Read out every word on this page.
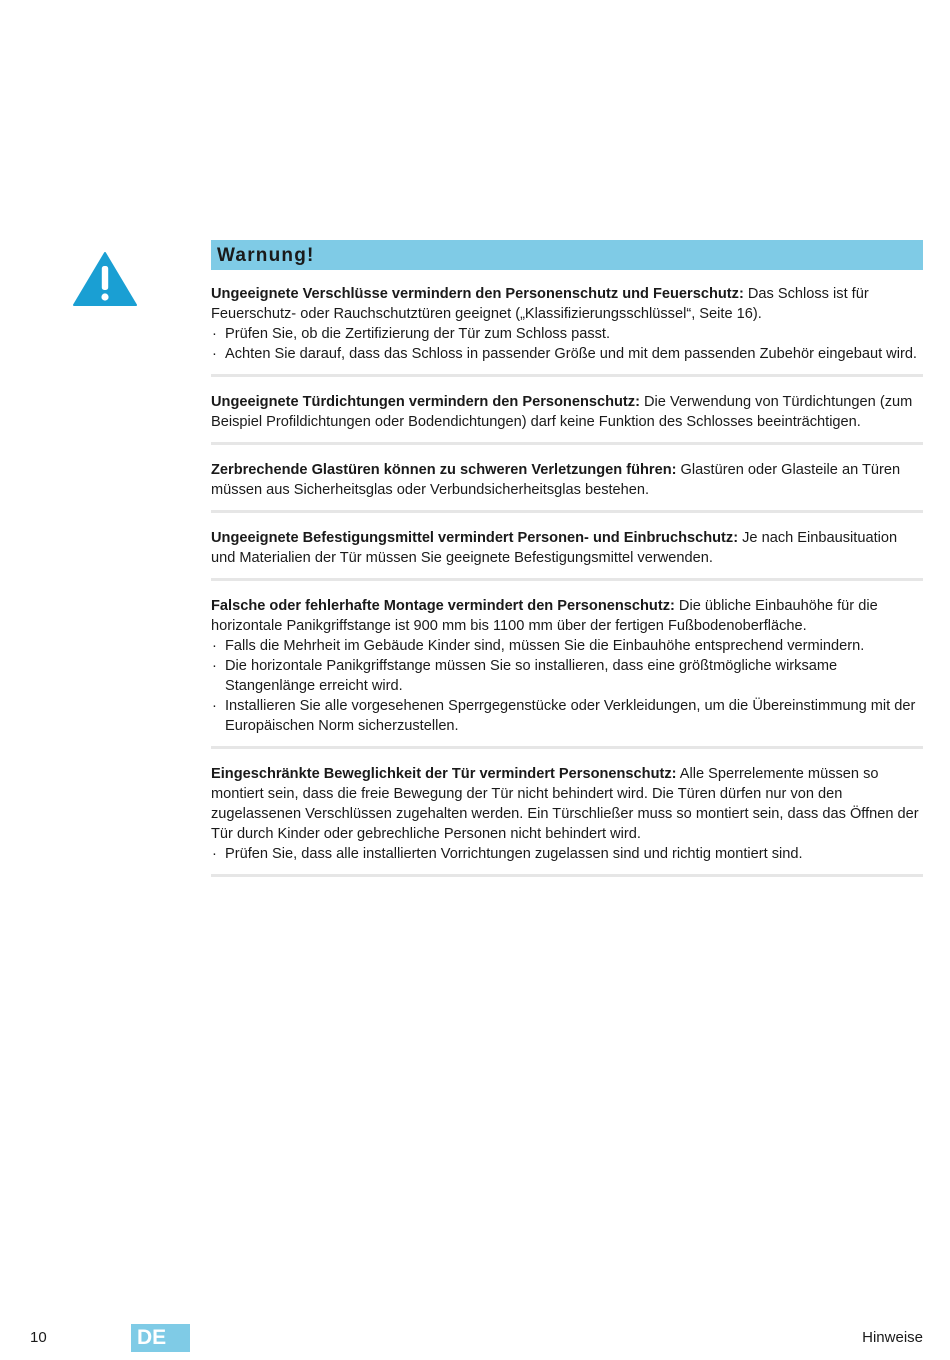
Warnung!
Ungeeignete Verschlüsse vermindern den Personenschutz und Feuerschutz: Das Schloss ist für Feuerschutz- oder Rauchschutztüren geeignet („Klassifizierungsschlüssel“, Seite 16).
· Prüfen Sie, ob die Zertifizierung der Tür zum Schloss passt.
· Achten Sie darauf, dass das Schloss in passender Größe und mit dem passenden Zubehör eingebaut wird.
Ungeeignete Türdichtungen vermindern den Personenschutz: Die Verwendung von Türdichtungen (zum Beispiel Profildichtungen oder Bodendichtungen) darf keine Funktion des Schlosses beeinträchtigen.
Zerbrechende Glastüren können zu schweren Verletzungen führen: Glastüren oder Glasteile an Türen müssen aus Sicherheitsglas oder Verbundsicherheitsglas bestehen.
Ungeeignete Befestigungsmittel vermindert Personen- und Einbruchschutz: Je nach Einbausituation und Materialien der Tür müssen Sie geeignete Befestigungsmittel verwenden.
Falsche oder fehlerhafte Montage vermindert den Personenschutz: Die übliche Einbauhöhe für die horizontale Panikgriffstange ist 900 mm bis 1100 mm über der fertigen Fußbodenoberfläche.
· Falls die Mehrheit im Gebäude Kinder sind, müssen Sie die Einbauhöhe entsprechend vermindern.
· Die horizontale Panikgriffstange müssen Sie so installieren, dass eine größtmögliche wirksame Stangenlänge erreicht wird.
· Installieren Sie alle vorgesehenen Sperrgegenstücke oder Verkleidungen, um die Übereinstimmung mit der Europäischen Norm sicherzustellen.
Eingeschränkte Beweglichkeit der Tür vermindert Personenschutz: Alle Sperrelemente müssen so montiert sein, dass die freie Bewegung der Tür nicht behindert wird. Die Türen dürfen nur von den zugelassenen Verschlüssen zugehalten werden. Ein Türschließer muss so montiert sein, dass das Öffnen der Tür durch Kinder oder gebrechliche Personen nicht behindert wird.
· Prüfen Sie, dass alle installierten Vorrichtungen zugelassen sind und richtig montiert sind.
10	DE	Hinweise
